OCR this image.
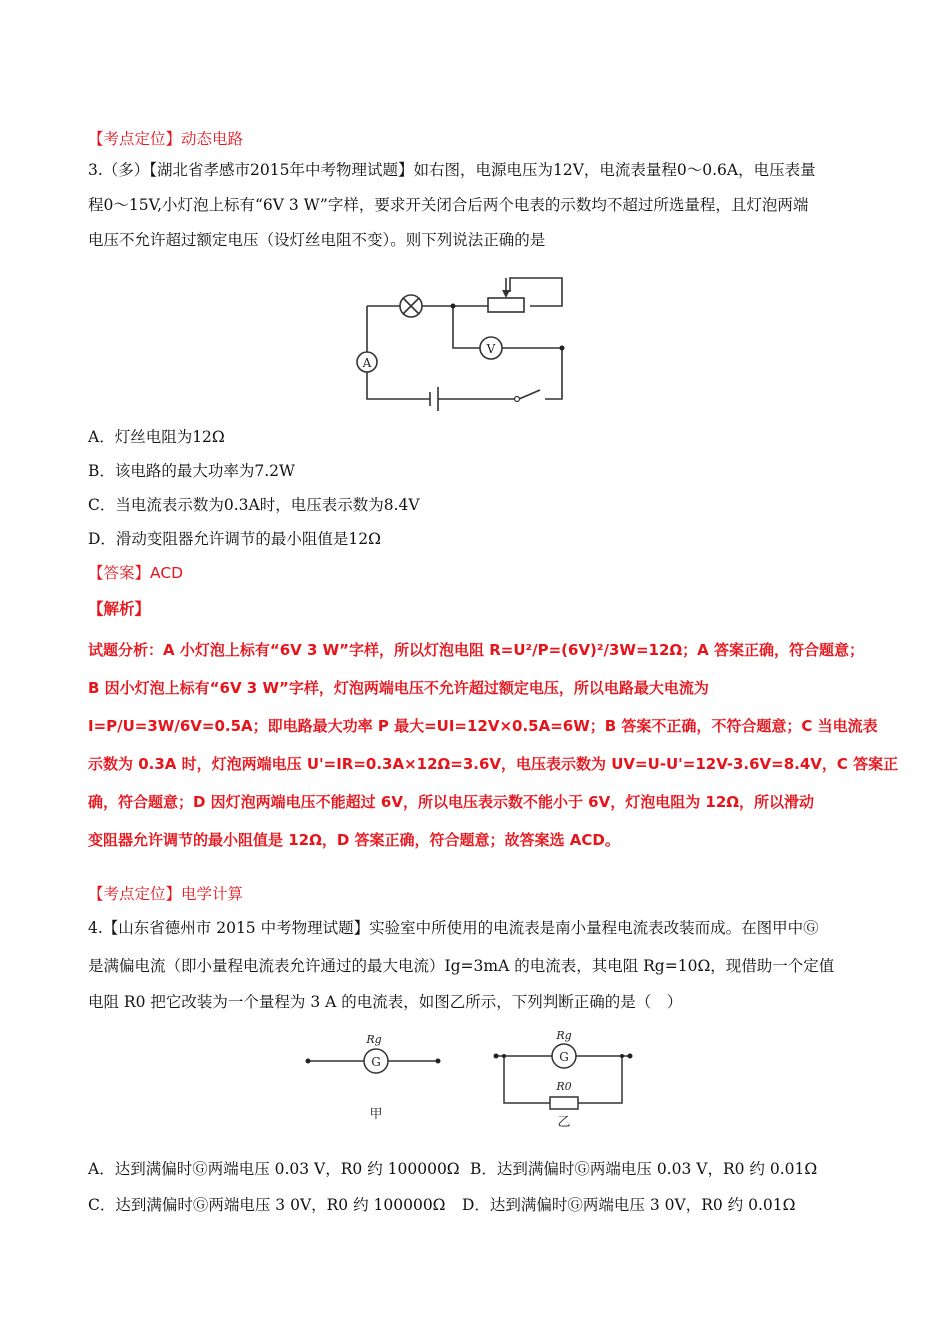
【考点定位】动态电路
3.（多）【湖北省孝感市2015年中考物理试题】如右图，电源电压为12V，电流表量程0～0.6A，电压表量
程0～15V,小灯泡上标有“6V 3 W”字样，要求开关闭合后两个电表的示数均不超过所选量程，且灯泡两端
电压不允许超过额定电压（设灯丝电阻不变）。则下列说法正确的是
A
V
A．灯丝电阻为12Ω
B．该电路的最大功率为7.2W
C．当电流表示数为0.3A时，电压表示数为8.4V
D．滑动变阻器允许调节的最小阻值是12Ω
【答案】ACD
【解析】
试题分析：A 小灯泡上标有“6V 3 W”字样，所以灯泡电阻 R=U²/P=(6V)²/3W=12Ω；A 答案正确，符合题意；
B 因小灯泡上标有“6V 3 W”字样，灯泡两端电压不允许超过额定电压，所以电路最大电流为
I=P/U=3W/6V=0.5A；即电路最大功率 P 最大=UI=12V×0.5A=6W；B 答案不正确，不符合题意；C 当电流表
示数为 0.3A 时，灯泡两端电压 U'=IR=0.3A×12Ω=3.6V，电压表示数为 UV=U-U'=12V-3.6V=8.4V，C 答案正
确，符合题意；D 因灯泡两端电压不能超过 6V，所以电压表示数不能小于 6V，灯泡电阻为 12Ω，所以滑动
变阻器允许调节的最小阻值是 12Ω，D 答案正确，符合题意；故答案选 ACD。
【考点定位】电学计算
4.【山东省德州市 2015 中考物理试题】实验室中所使用的电流表是南小量程电流表改装而成。在图甲中Ⓖ
是满偏电流（即小量程电流表允许通过的最大电流）Ig=3mA 的电流表，其电阻 Rg=10Ω，现借助一个定值
电阻 R0 把它改装为一个量程为 3 A 的电流表，如图乙所示，下列判断正确的是（　）
G
Rg
甲
G
Rg
R0
乙
A．达到满偏时Ⓖ两端电压 0.03 V，R0 约 100000Ω B．达到满偏时Ⓖ两端电压 0.03 V，R0 约 0.01Ω
C．达到满偏时Ⓖ两端电压 3 0V，R0 约 100000Ω D．达到满偏时Ⓖ两端电压 3 0V，R0 约 0.01Ω
